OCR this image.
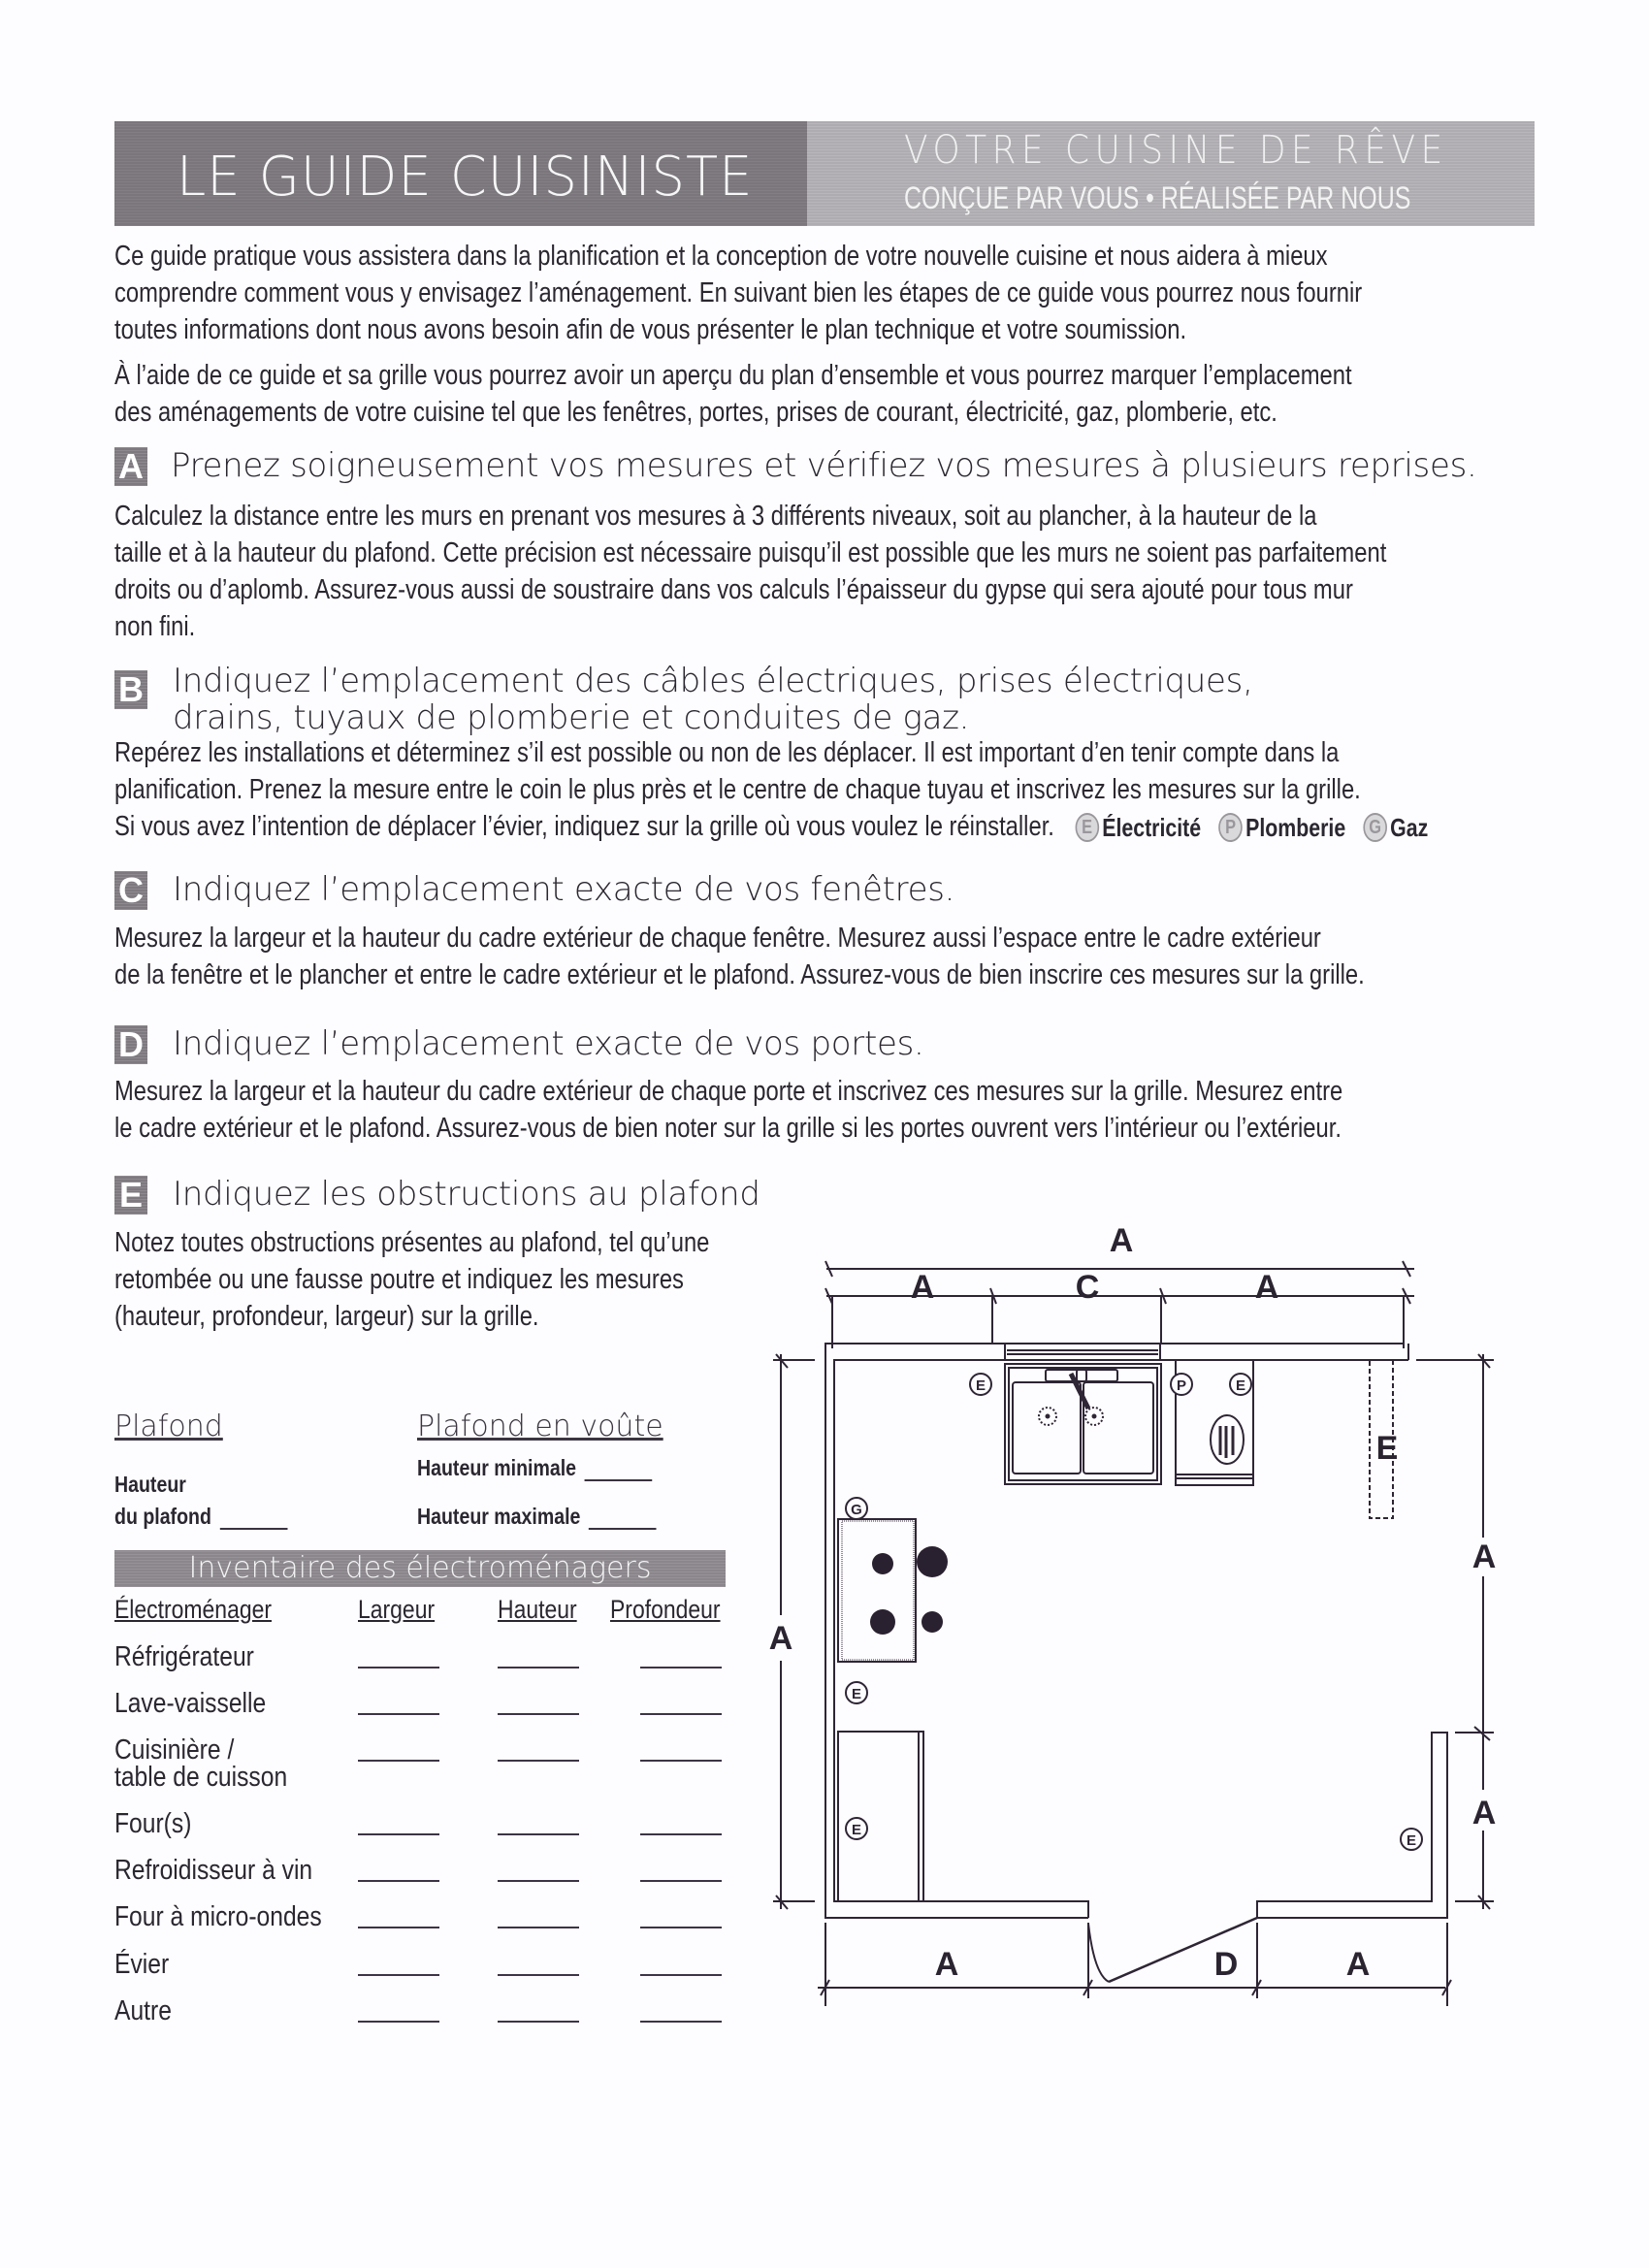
LE GUIDE CUISINISTE	VOTRE CUISINE DE RÊVE
CONÇUE PAR VOUS • RÉALISÉE PAR NOUS

Ce guide pratique vous assistera dans la planification et la conception de votre nouvelle cuisine et nous aidera à mieux

comprendre comment vous y envisagez l’aménagement. En suivant bien les étapes de ce guide vous pourrez nous fournir

toutes informations dont nous avons besoin afin de vous présenter le plan technique et votre soumission.

À l’aide de ce guide et sa grille vous pourrez avoir un aperçu du plan d’ensemble et vous pourrez marquer l’emplacement

des aménagements de votre cuisine tel que les fenêtres, portes, prises de courant, électricité, gaz, plomberie, etc.

A Prenez soigneusement vos mesures et vérifiez vos mesures à plusieurs reprises.

Calculez la distance entre les murs en prenant vos mesures à 3 différents niveaux, soit au plancher, à la hauteur de la

taille et à la hauteur du plafond. Cette précision est nécessaire puisqu’il est possible que les murs ne soient pas parfaitement

droits ou d’aplomb. Assurez-vous aussi de soustraire dans vos calculs l’épaisseur du gypse qui sera ajouté pour tous mur

non fini.

B Indiquez l’emplacement des câbles électriques, prises électriques,
drains, tuyaux de plomberie et conduites de gaz.

Repérez les installations et déterminez s’il est possible ou non de les déplacer. Il est important d’en tenir compte dans la

planification. Prenez la mesure entre le coin le plus près et le centre de chaque tuyau et inscrivez les mesures sur la grille.

Si vous avez l’intention de déplacer l’évier, indiquez sur la grille où vous voulez le réinstaller. E Électricité P Plomberie G Gaz

C Indiquez l’emplacement exacte de vos fenêtres.

Mesurez la largeur et la hauteur du cadre extérieur de chaque fenêtre. Mesurez aussi l’espace entre le cadre extérieur

de la fenêtre et le plancher et entre le cadre extérieur et le plafond. Assurez-vous de bien inscrire ces mesures sur la grille.

D Indiquez l’emplacement exacte de vos portes.

Mesurez la largeur et la hauteur du cadre extérieur de chaque porte et inscrivez ces mesures sur la grille. Mesurez entre

le cadre extérieur et le plafond. Assurez-vous de bien noter sur la grille si les portes ouvrent vers l’intérieur ou l’extérieur.

E Indiquez les obstructions au plafond

Notez toutes obstructions présentes au plafond, tel qu’une

retombée ou une fausse poutre et indiquez les mesures

(hauteur, profondeur, largeur) sur la grille.

Plafond
Hauteur
du plafond
Plafond en voûte
Hauteur minimale
Hauteur maximale
Inventaire des électroménagers
Électroménager	Largeur Hauteur Profondeur
Réfrigérateur
Lave-vaisselle
Cuisinière /
table de cuisson
Four(s)
Refroidisseur à vin
Four à micro-ondes
Évier
Autre
E	P	E
G
E
E
E
A
A	C	A
A
A
A
A	D	A
E
